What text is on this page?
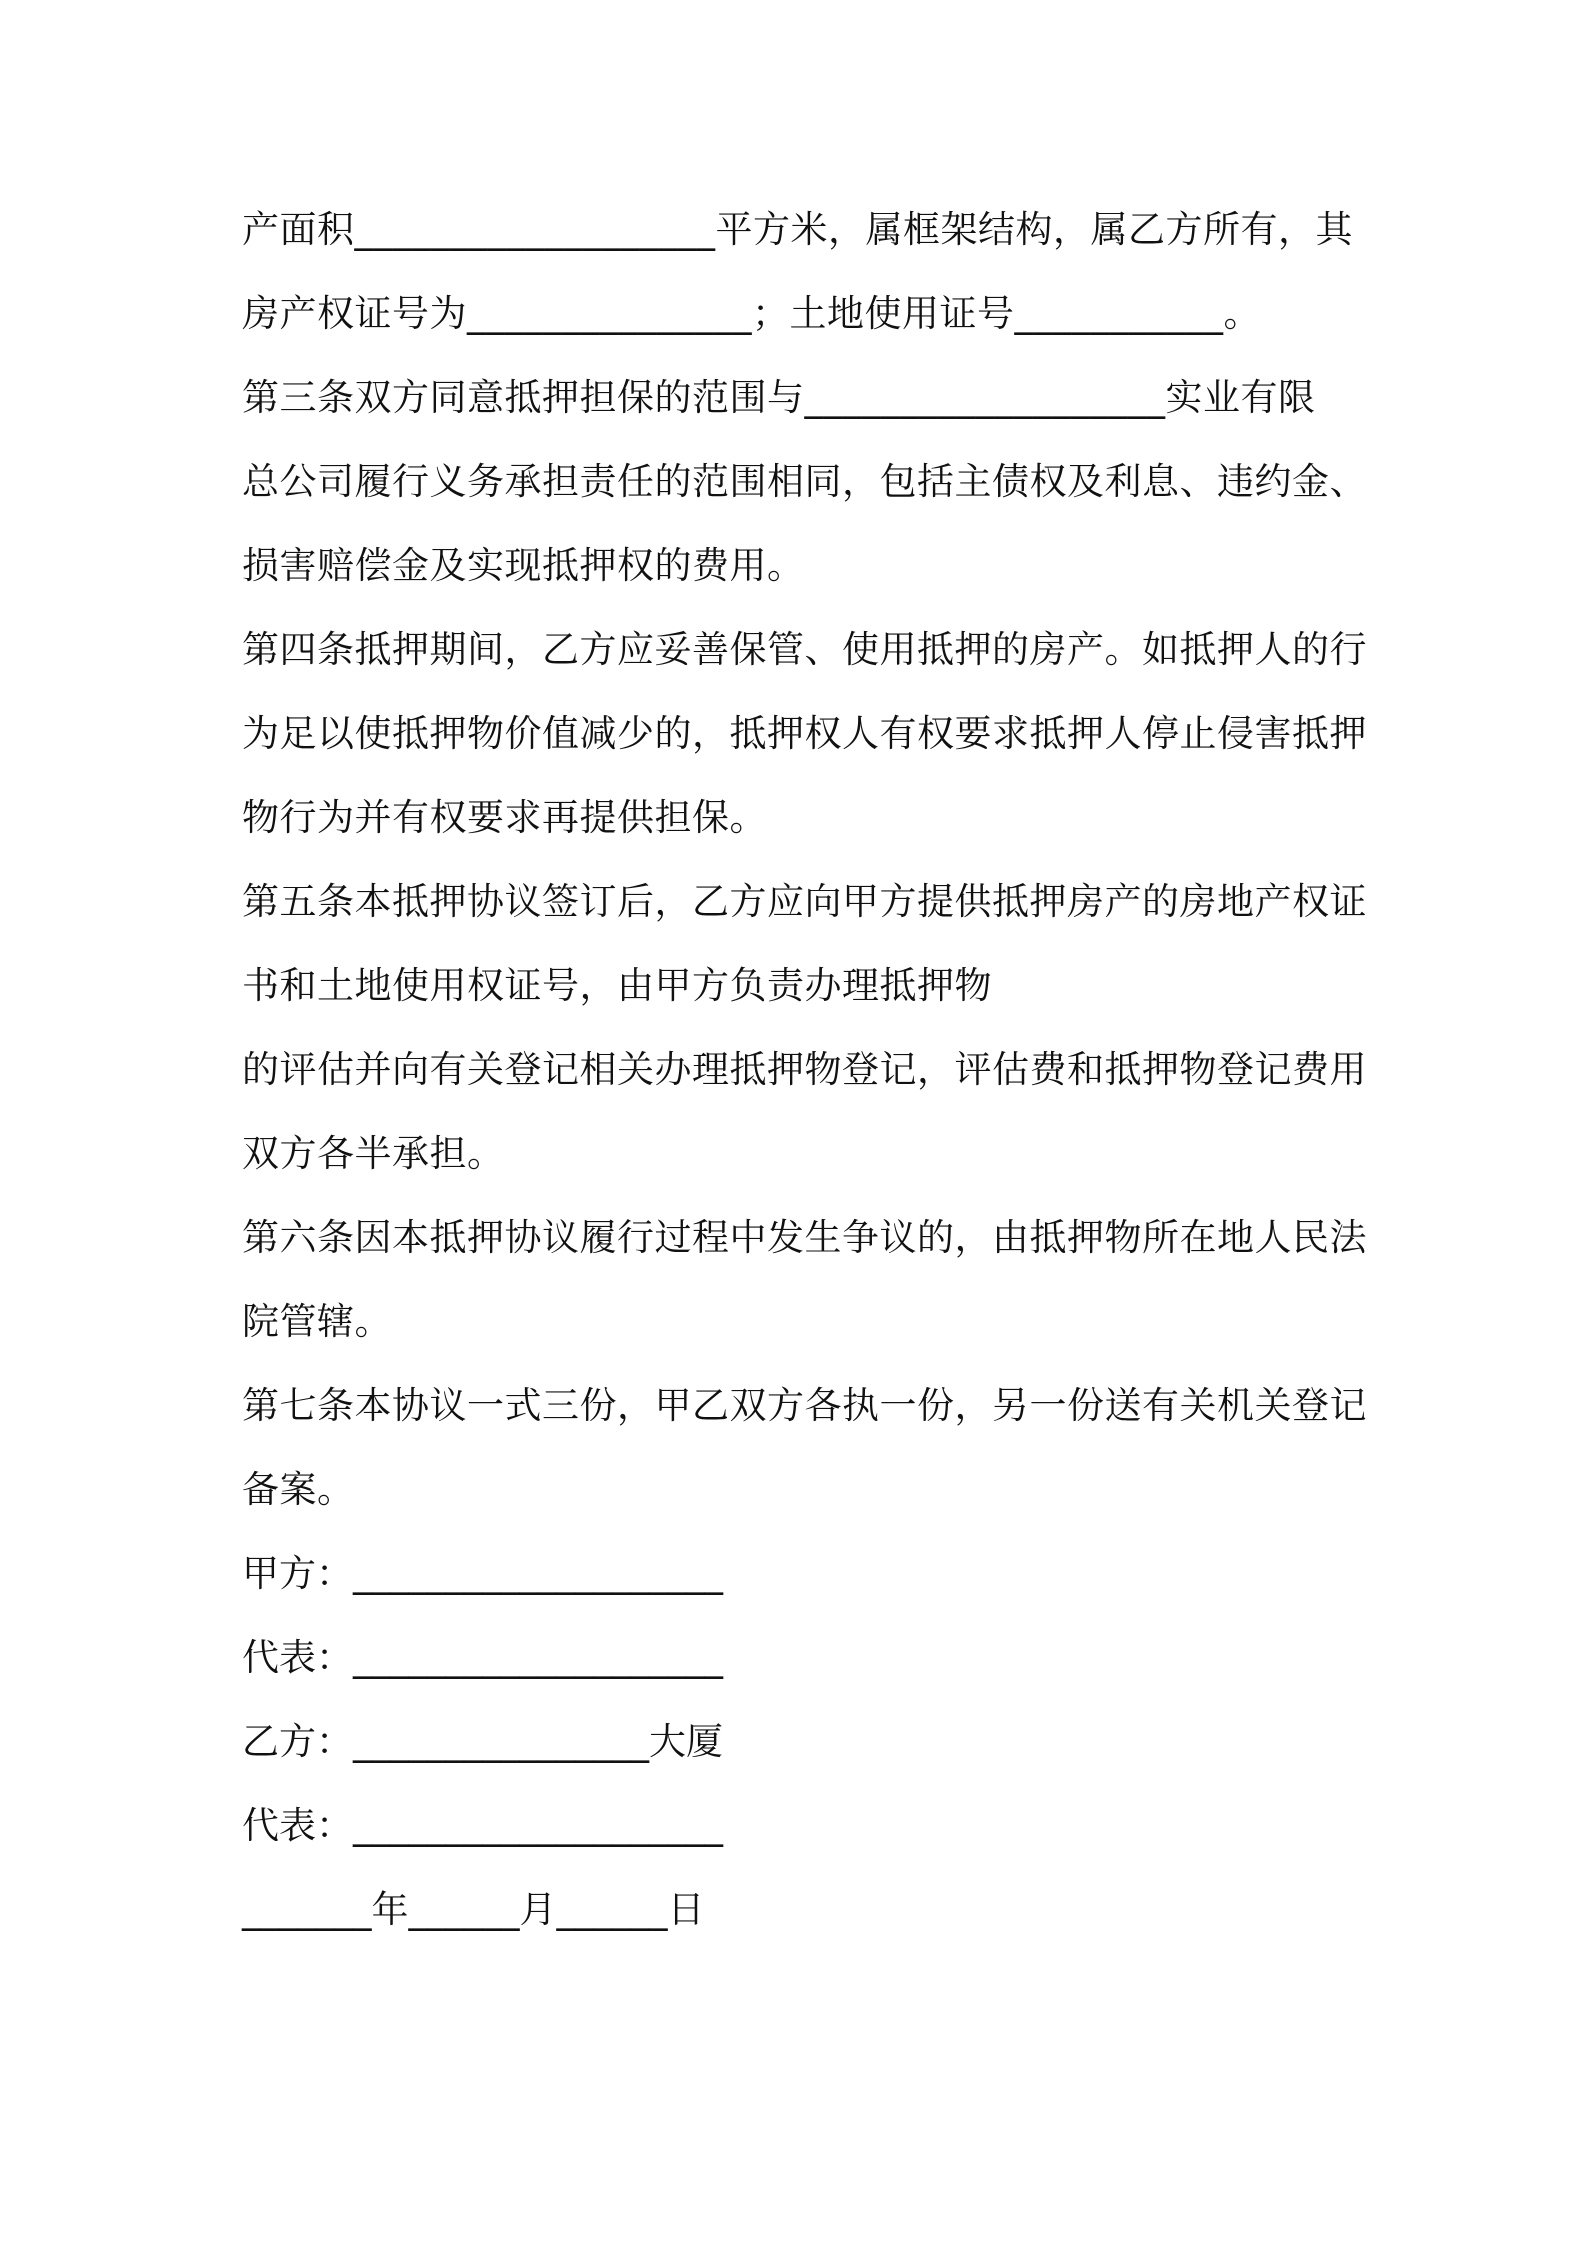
产面积___________________平方米，属框架结构，属乙方所有，其
房产权证号为_______________；土地使用证号___________。
第三条双方同意抵押担保的范围与___________________实业有限
总公司履行义务承担责任的范围相同，包括主债权及利息、违约金、
损害赔偿金及实现抵押权的费用。
第四条抵押期间，乙方应妥善保管、使用抵押的房产。如抵押人的行
为足以使抵押物价值减少的，抵押权人有权要求抵押人停止侵害抵押
物行为并有权要求再提供担保。
第五条本抵押协议签订后，乙方应向甲方提供抵押房产的房地产权证
书和土地使用权证号，由甲方负责办理抵押物
的评估并向有关登记相关办理抵押物登记，评估费和抵押物登记费用
双方各半承担。
第六条因本抵押协议履行过程中发生争议的，由抵押物所在地人民法
院管辖。
第七条本协议一式三份，甲乙双方各执一份，另一份送有关机关登记
备案。
甲方：____________________
代表：____________________
乙方：________________大厦
代表：____________________
_______年______月______日
